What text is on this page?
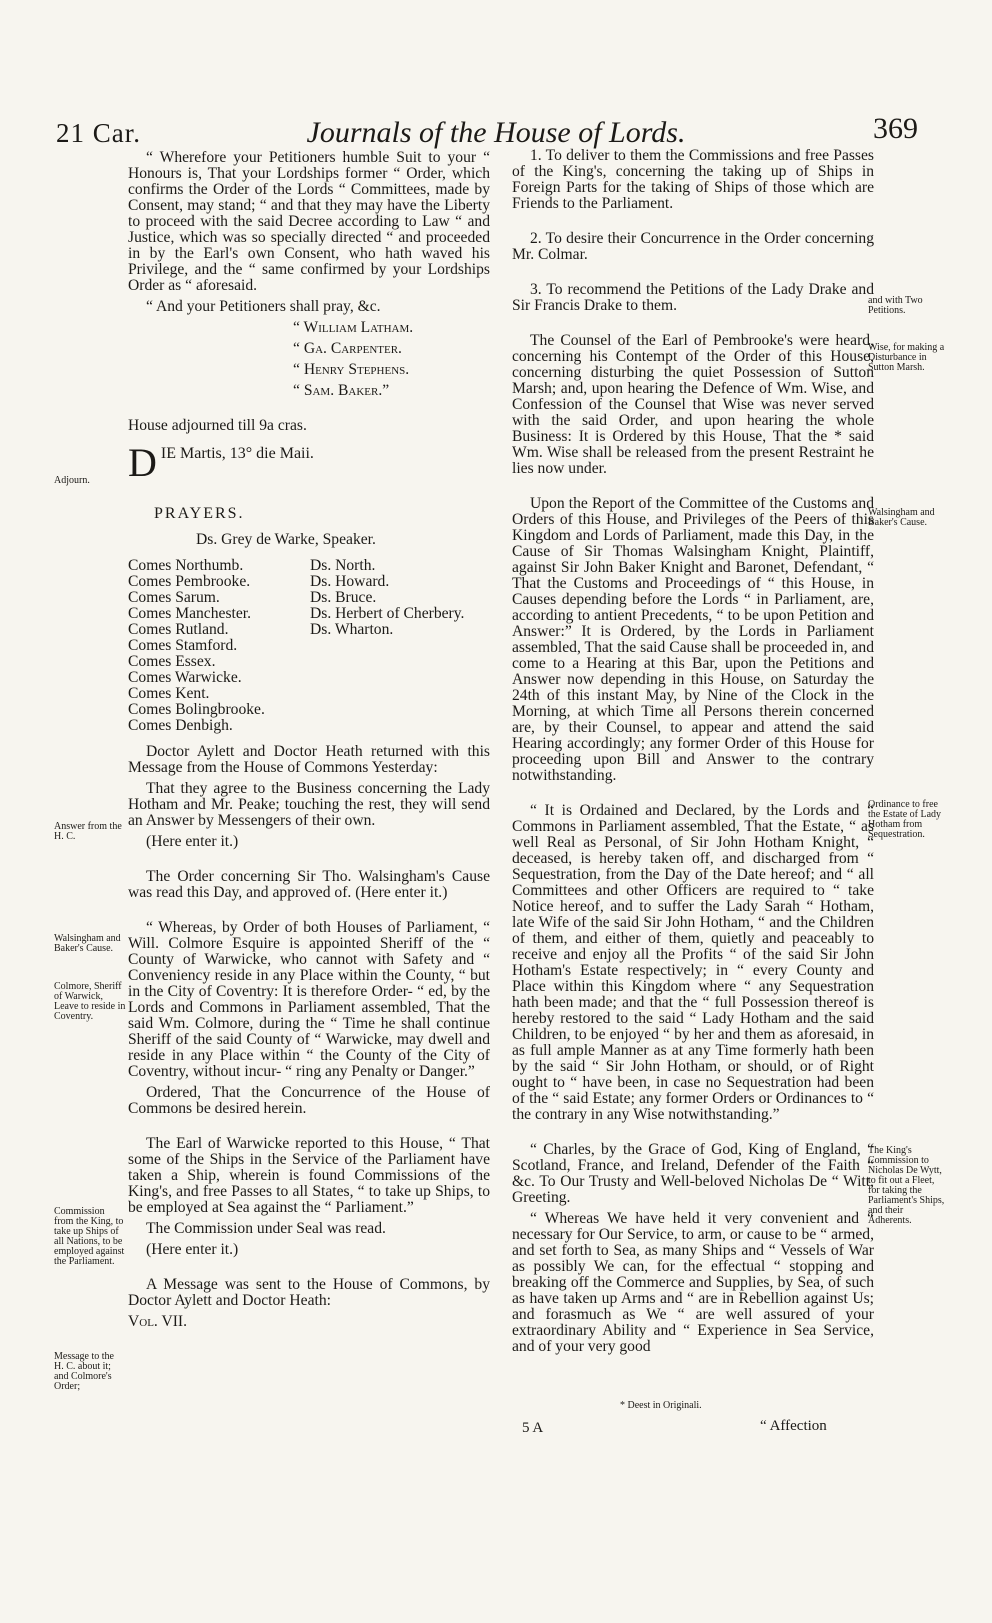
21 Car.	Journals of the House of Lords.	369

“ Wherefore your Petitioners humble Suit to your “ Honours is, That your Lordships former “ Order, which confirms the Order of the Lords “ Committees, made by Consent, may stand; “ and that they may have the Liberty to proceed with the said Decree according to Law “ and Justice, which was so specially directed “ and proceeded in by the Earl's own Consent, who hath waved his Privilege, and the “ same confirmed by your Lordships Order as “ aforesaid.

“ And your Petitioners shall pray, &c.

“ William Latham.

“ Ga. Carpenter.

“ Henry Stephens.

“ Sam. Baker.”

House adjourned till 9a cras.

D IE Martis, 13° die Maii.
PRAYERS.
Ds. Grey de Warke, Speaker.
Comes Northumb.
Comes Pembrooke.
Comes Sarum.
Comes Manchester.
Comes Rutland.
Comes Stamford.
Comes Essex.
Comes Warwicke.
Comes Kent.
Comes Bolingbrooke.
Comes Denbigh.
Ds. North.
Ds. Howard.
Ds. Bruce.
Ds. Herbert of Cherbery.
Ds. Wharton.

Doctor Aylett and Doctor Heath returned with this Message from the House of Commons Yesterday:

That they agree to the Business concerning the Lady Hotham and Mr. Peake; touching the rest, they will send an Answer by Messengers of their own.

(Here enter it.)

The Order concerning Sir Tho. Walsingham's Cause was read this Day, and approved of. (Here enter it.)

“ Whereas, by Order of both Houses of Parliament, “ Will. Colmore Esquire is appointed Sheriff of the “ County of Warwicke, who cannot with Safety and “ Conveniency reside in any Place within the County, “ but in the City of Coventry: It is therefore Order- “ ed, by the Lords and Commons in Parliament assembled, That the said Wm. Colmore, during the “ Time he shall continue Sheriff of the said County of “ Warwicke, may dwell and reside in any Place within “ the County of the City of Coventry, without incur- “ ring any Penalty or Danger.”

Ordered, That the Concurrence of the House of Commons be desired herein.

The Earl of Warwicke reported to this House, “ That some of the Ships in the Service of the Parliament have taken a Ship, wherein is found Commissions of the King's, and free Passes to all States, “ to take up Ships, to be employed at Sea against the “ Parliament.”

The Commission under Seal was read.

(Here enter it.)

A Message was sent to the House of Commons, by Doctor Aylett and Doctor Heath:

Vol. VII.

Adjourn.
Answer from the H. C.
Walsingham and Baker's Cause.
Colmore, Sheriff of Warwick, Leave to reside in Coventry.
Commission from the King, to take up Ships of all Nations, to be employed against the Parliament.
Message to the H. C. about it; and Colmore's Order;

1. To deliver to them the Commissions and free Passes of the King's, concerning the taking up of Ships in Foreign Parts for the taking of Ships of those which are Friends to the Parliament.

2. To desire their Concurrence in the Order concerning Mr. Colmar.

3. To recommend the Petitions of the Lady Drake and Sir Francis Drake to them.

The Counsel of the Earl of Pembrooke's were heard, concerning his Contempt of the Order of this House, concerning disturbing the quiet Possession of Sutton Marsh; and, upon hearing the Defence of Wm. Wise, and Confession of the Counsel that Wise was never served with the said Order, and upon hearing the whole Business: It is Ordered by this House, That the * said Wm. Wise shall be released from the present Restraint he lies now under.

Upon the Report of the Committee of the Customs and Orders of this House, and Privileges of the Peers of this Kingdom and Lords of Parliament, made this Day, in the Cause of Sir Thomas Walsingham Knight, Plaintiff, against Sir John Baker Knight and Baronet, Defendant, “ That the Customs and Proceedings of “ this House, in Causes depending before the Lords “ in Parliament, are, according to antient Precedents, “ to be upon Petition and Answer:” It is Ordered, by the Lords in Parliament assembled, That the said Cause shall be proceeded in, and come to a Hearing at this Bar, upon the Petitions and Answer now depending in this House, on Saturday the 24th of this instant May, by Nine of the Clock in the Morning, at which Time all Persons therein concerned are, by their Counsel, to appear and attend the said Hearing accordingly; any former Order of this House for proceeding upon Bill and Answer to the contrary notwithstanding.

“ It is Ordained and Declared, by the Lords and “ Commons in Parliament assembled, That the Estate, “ as well Real as Personal, of Sir John Hotham Knight, “ deceased, is hereby taken off, and discharged from “ Sequestration, from the Day of the Date hereof; and “ all Committees and other Officers are required to “ take Notice hereof, and to suffer the Lady Sarah “ Hotham, late Wife of the said Sir John Hotham, “ and the Children of them, and either of them, quietly and peaceably to receive and enjoy all the Profits “ of the said Sir John Hotham's Estate respectively; in “ every County and Place within this Kingdom where “ any Sequestration hath been made; and that the “ full Possession thereof is hereby restored to the said “ Lady Hotham and the said Children, to be enjoyed “ by her and them as aforesaid, in as full ample Manner as at any Time formerly hath been by the said “ Sir John Hotham, or should, or of Right ought to “ have been, in case no Sequestration had been of the “ said Estate; any former Orders or Ordinances to “ the contrary in any Wise notwithstanding.”

“ Charles, by the Grace of God, King of England, “ Scotland, France, and Ireland, Defender of the Faith “ &c. To Our Trusty and Well-beloved Nicholas De “ Witt, Greeting.

“ Whereas We have held it very convenient and “ necessary for Our Service, to arm, or cause to be “ armed, and set forth to Sea, as many Ships and “ Vessels of War as possibly We can, for the effectual “ stopping and breaking off the Commerce and Supplies, by Sea, of such as have taken up Arms and “ are in Rebellion against Us; and forasmuch as We “ are well assured of your extraordinary Ability and “ Experience in Sea Service, and of your very good

and with Two Petitions.
Wise, for making a Disturbance in Sutton Marsh.
Walsingham and Baker's Cause.
Ordinance to free the Estate of Lady Hotham from Sequestration.
The King's Commission to Nicholas De Wytt, to fit out a Fleet, for taking the Parliament's Ships, and their Adherents.
* Deest in Originali.
5 A	“ Affection
